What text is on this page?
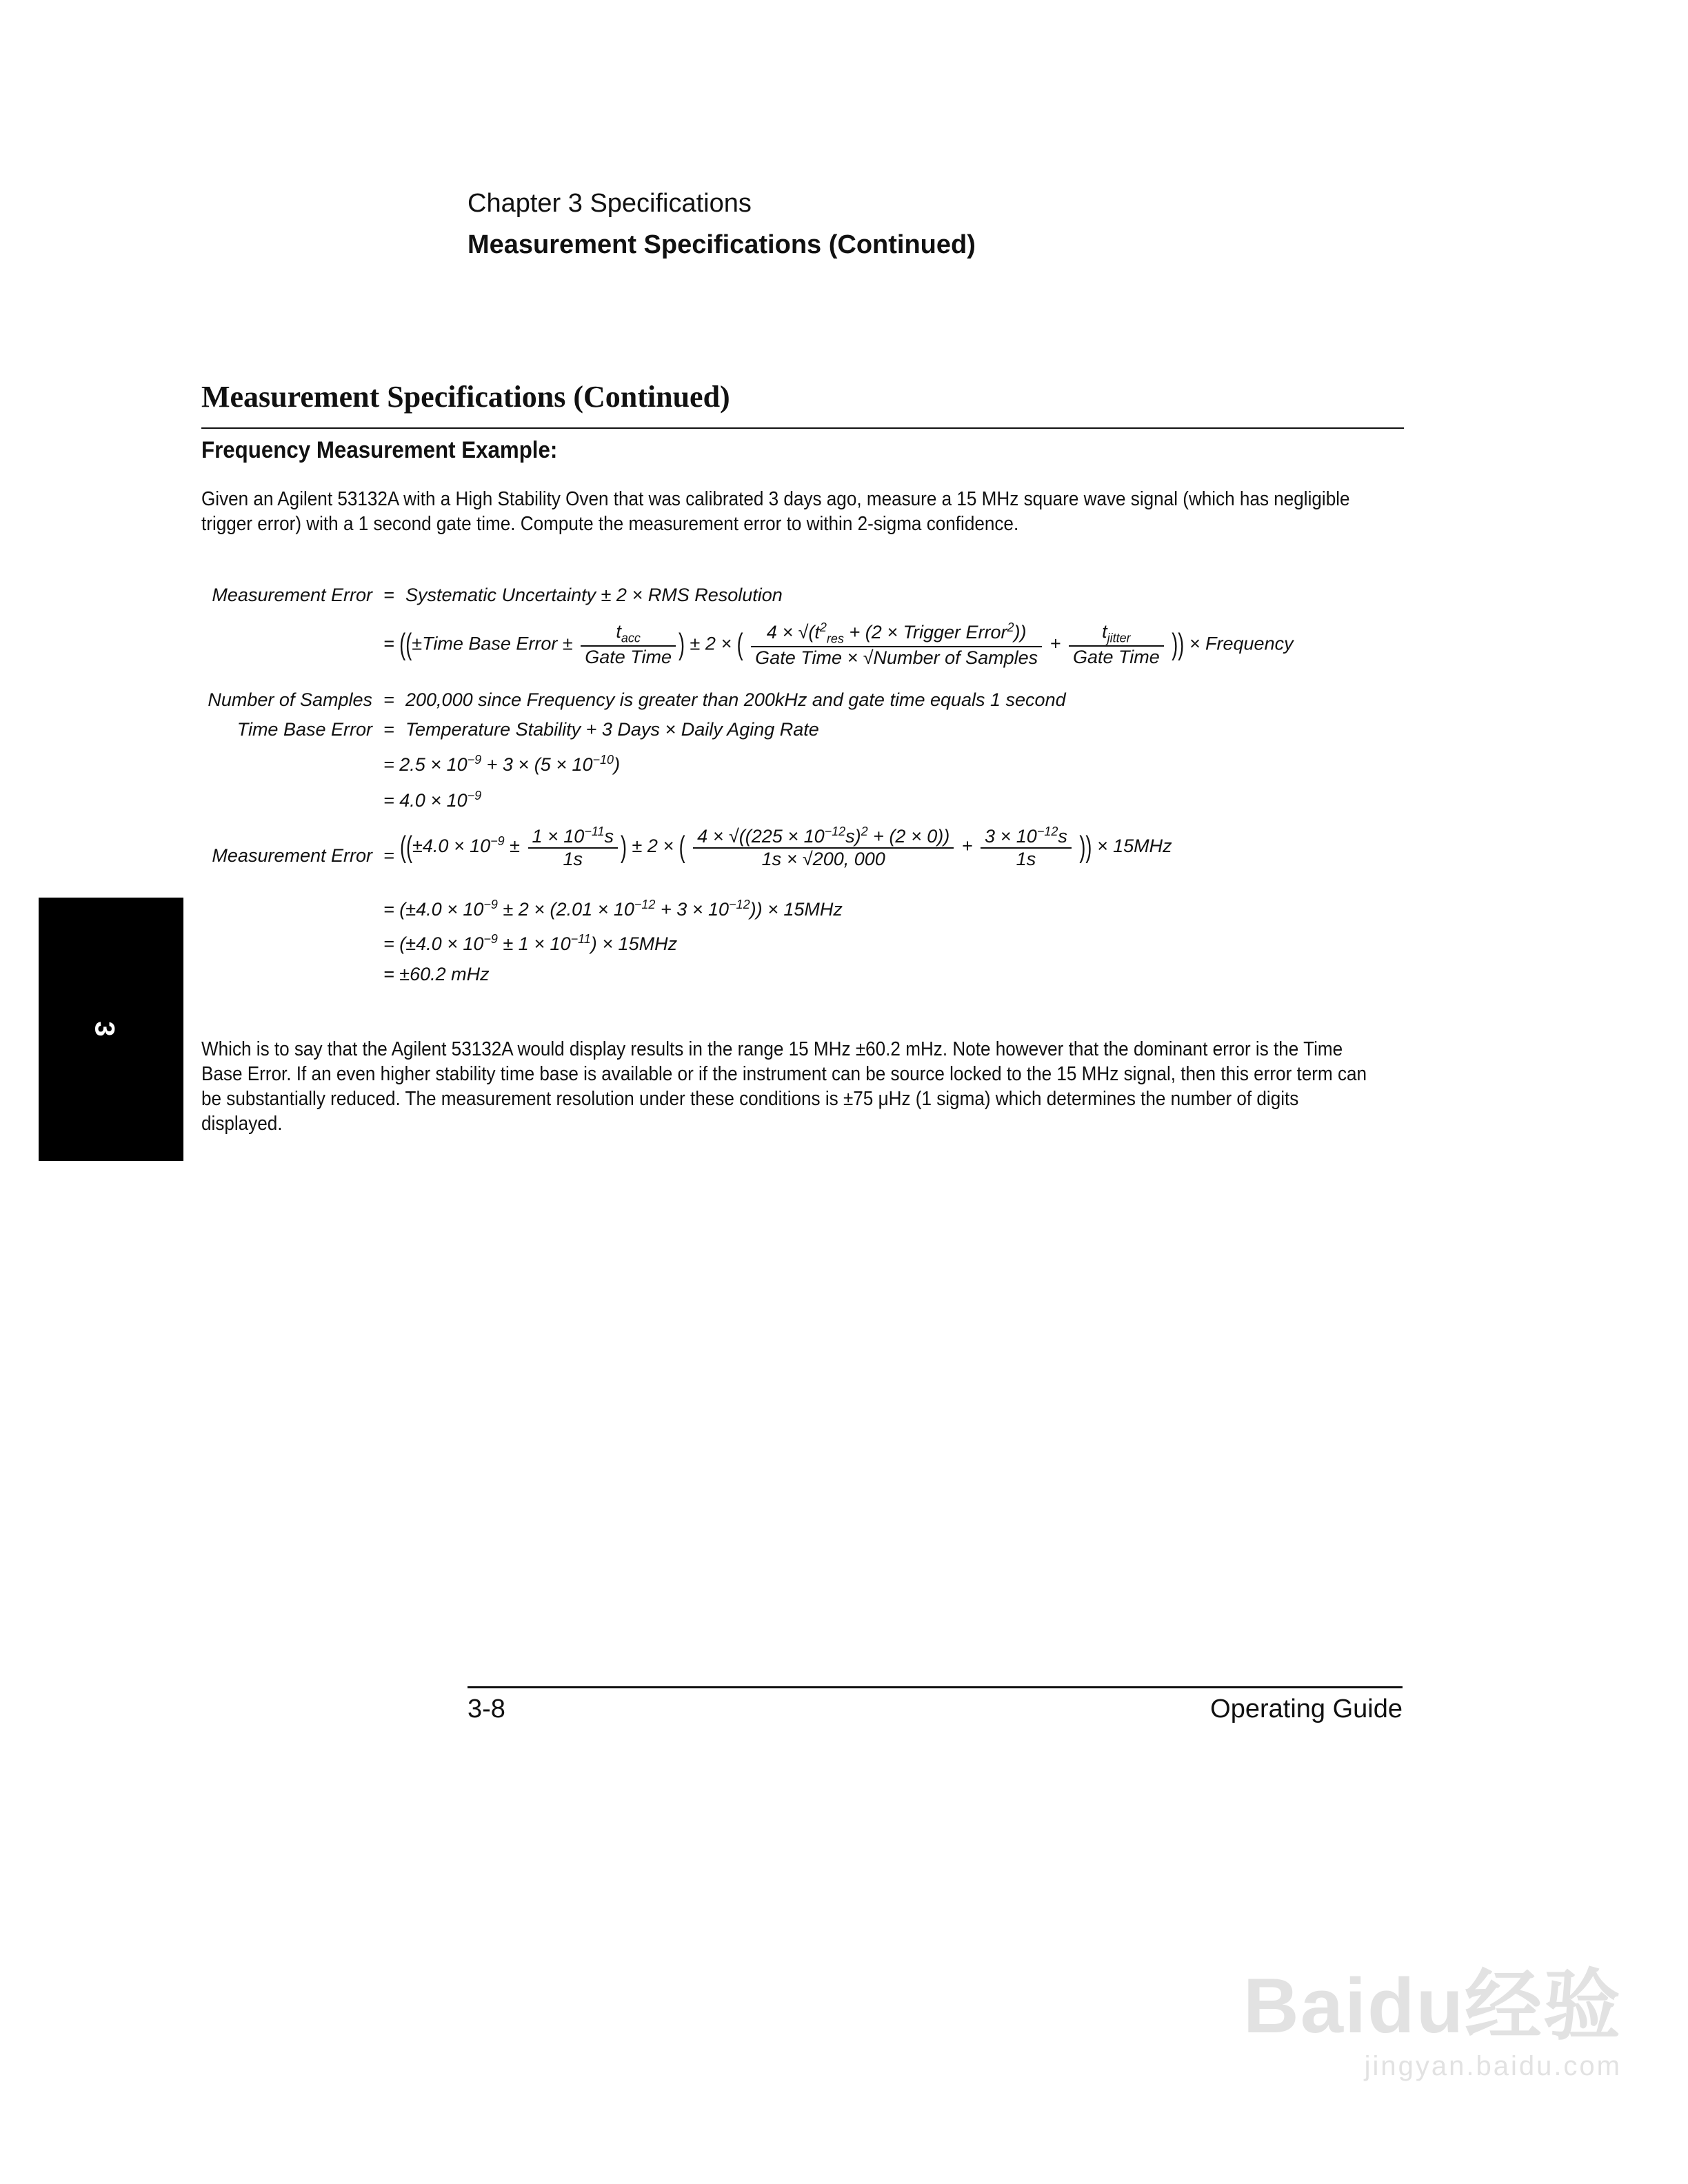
Chapter 3 Specifications
Measurement Specifications (Continued)
Measurement Specifications (Continued)
Frequency Measurement Example:

Given an Agilent 53132A with a High Stability Oven that was calibrated 3 days ago, measure a 15 MHz square wave signal (which has negligible trigger error) with a 1 second gate time. Compute the measurement error to within 2-sigma confidence.

Measurement Error = Systematic Uncertainty ± 2 × RMS Resolution
= ((±Time Base Error ± $\frac{t_{acc}}{\text{Gate Time}}$ ) ± 2 × ( $\frac{4 \times √(t^2_{res} + (2 \times Trigger Error^2))}{\text{Gate Time × √Number of Samples}} + \frac{t_{jitter}}{\text{Gate Time}}$ )) × Frequency
Number of Samples = 200,000 since Frequency is greater than 200kHz and gate time equals 1 second
Time Base Error = Temperature Stability + 3 Days × Daily Aging Rate
= $2.5 \times 10^{-9} + 3 \times (5 \times 10^{-10})$
= $4.0 \times 10^{-9}$
Measurement Error = (($\pm 4.0 \times 10^{-9} \pm \frac{1 \times 10^{-11}s}{1s}$ ) ± 2 × ( $\frac{4 \times √((225 \times 10^{-12}s)^2 + (2 \times 0))}{1s \times √200, 000} + \frac{3 \times 10^{-12}s}{1s}$ )) × 15MHz
= $(\pm 4.0 \times 10^{-9} \pm 2 \times (2.01 \times 10^{-12} + 3 \times 10^{-12})) \times 15MHz$
= $(\pm 4.0 \times 10^{-9} \pm 1 \times 10^{-11}) \times 15MHz$
= ±60.2 mHz

Which is to say that the Agilent 53132A would display results in the range 15 MHz ±60.2 mHz. Note however that the dominant error is the Time Base Error. If an even higher stability time base is available or if the instrument can be source locked to the 15 MHz signal, then this error term can be substantially reduced. The measurement resolution under these conditions is ±75 μHz (1 sigma) which determines the number of digits displayed.

3
3-8	Operating Guide
Baidu经验
jingyan.baidu.com
